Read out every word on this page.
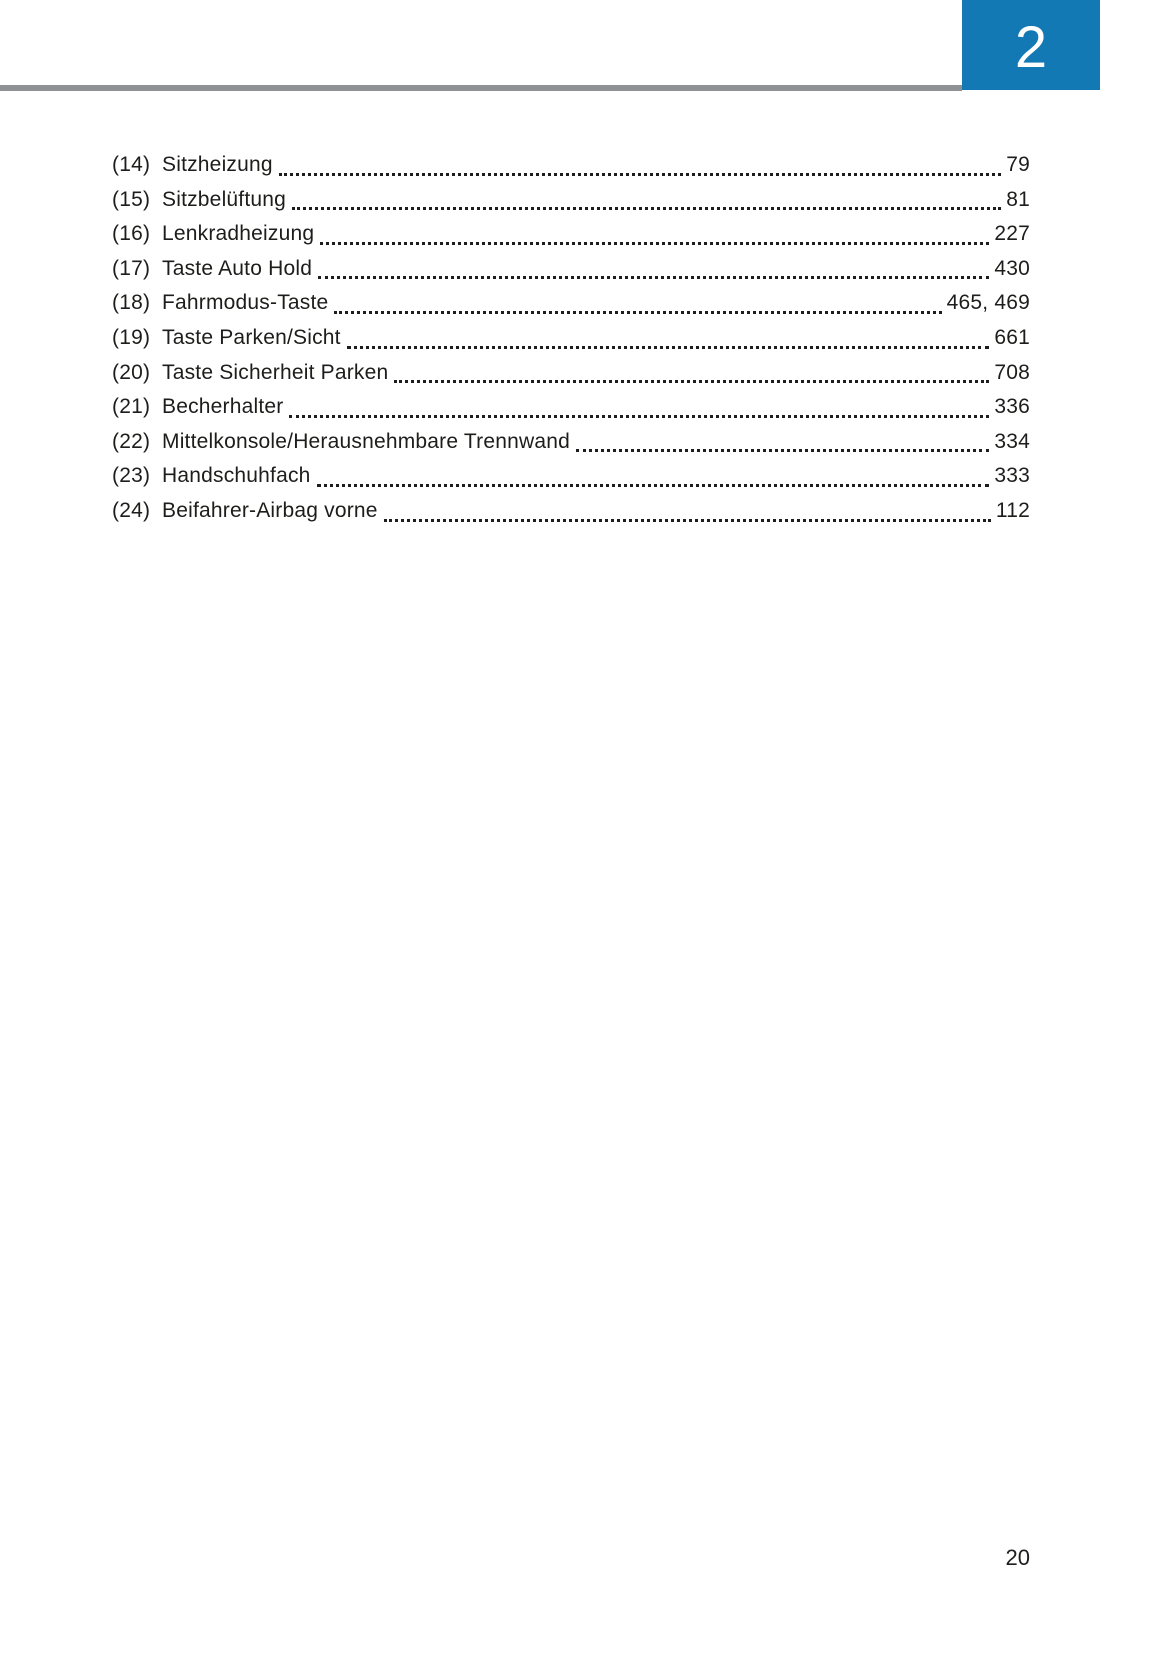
2
(14) Sitzheizung	79
(15) Sitzbelüftung	81
(16) Lenkradheizung	227
(17) Taste Auto Hold	430
(18) Fahrmodus-Taste	465, 469
(19) Taste Parken/Sicht	661
(20) Taste Sicherheit Parken	708
(21) Becherhalter	336
(22) Mittelkonsole/Herausnehmbare Trennwand	334
(23) Handschuhfach	333
(24) Beifahrer-Airbag vorne	112
20
